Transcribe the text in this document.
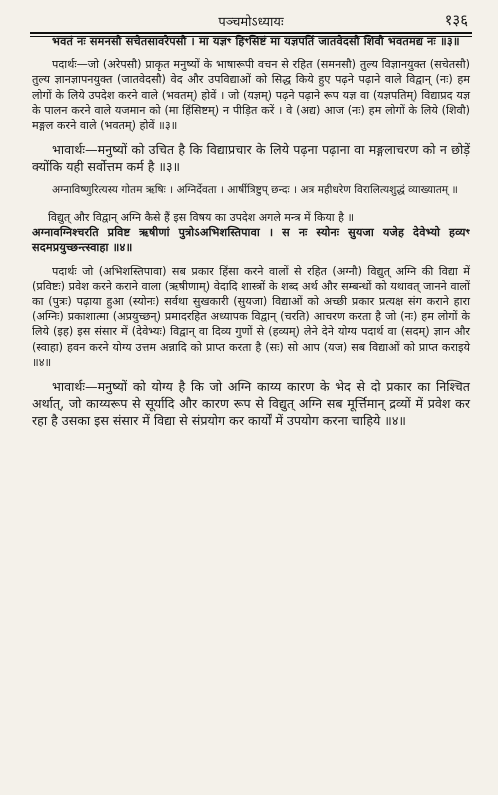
पञ्चमोऽध्यायः	१३६

भवतं नः समनसौ सचेतसावरेपसौ । मा यज्ञꣳ हिꣳसिष्टं मा यज्ञपतिं जातवेदसौ शिवौ भवतमद्य नः ॥३॥

पदार्थः—जो (अरेपसौ) प्राकृत मनुष्यों के भाषारूपी वचन से रहित (समनसौ) तुल्य विज्ञानयुक्त (सचेतसौ) तुल्य ज्ञानज्ञापनयुक्त (जातवेदसौ) वेद और उपविद्याओं को सिद्ध किये हुए पढ़ने पढ़ाने वाले विद्वान् (नः) हम लोगों के लिये उपदेश करने वाले (भवतम्) होवें । जो (यज्ञम्) पढ़ने पढ़ाने रूप यज्ञ वा (यज्ञपतिम्) विद्याप्रद यज्ञ के पालन करने वाले यजमान को (मा हिंसिष्टम्) न पीड़ित करें । वे (अद्य) आज (नः) हम लोगों के लिये (शिवौ) मङ्गल करने वाले (भवतम्) होवें ॥३॥

भावार्थः—मनुष्यों को उचित है कि विद्याप्रचार के लिये पढ़ना पढ़ाना वा मङ्गलाचरण को न छोड़ें क्योंकि यही सर्वोत्तम कर्म है ॥३॥

अग्नाविष्णुरित्यस्य गोतम ऋषिः । अग्निर्देवता । आर्षीत्रिष्टुप् छन्दः । अत्र महीधरेण विरालित्यशुद्धं व्याख्यातम् ॥

विद्युत् और विद्वान् अग्नि कैसे हैं इस विषय का उपदेश अगले मन्त्र में किया है ॥

अग्नावग्निश्चरति प्रविष्ट ऋषीणां पुत्रोऽअभिशस्तिपावा । स नः स्योनः सुयजा यजेह देवेभ्यो हव्यꣳ सदमप्रयुच्छन्त्स्वाहा ॥४॥

पदार्थः जो (अभिशस्तिपावा) सब प्रकार हिंसा करने वालों से रहित (अग्नौ) विद्युत् अग्नि की विद्या में (प्रविष्टः) प्रवेश करने कराने वाला (ऋषीणाम्) वेदादि शास्त्रों के शब्द अर्थ और सम्बन्धों को यथावत् जानने वालों का (पुत्रः) पढ़ाया हुआ (स्योनः) सर्वथा सुखकारी (सुयजा) विद्याओं को अच्छी प्रकार प्रत्यक्ष संग कराने हारा (अग्निः) प्रकाशात्मा (अप्रयुच्छन्) प्रमादरहित अध्यापक विद्वान् (चरति) आचरण करता है जो (नः) हम लोगों के लिये (इह) इस संसार में (देवेभ्यः) विद्वान् वा दिव्य गुणों से (हव्यम्) लेने देने योग्य पदार्थ वा (सदम्) ज्ञान और (स्वाहा) हवन करने योग्य उत्तम अन्नादि को प्राप्त करता है (सः) सो आप (यज) सब विद्याओं को प्राप्त कराइये ॥४॥

भावार्थः—मनुष्यों को योग्य है कि जो अग्नि काय्य कारण के भेद से दो प्रकार का निश्चित अर्थात्, जो काय्यरूप से सूर्यादि और कारण रूप से विद्युत् अग्नि सब मूर्त्तिमान् द्रव्यों में प्रवेश कर रहा है उसका इस संसार में विद्या से संप्रयोग कर कार्यों में उपयोग करना चाहिये ॥४॥
